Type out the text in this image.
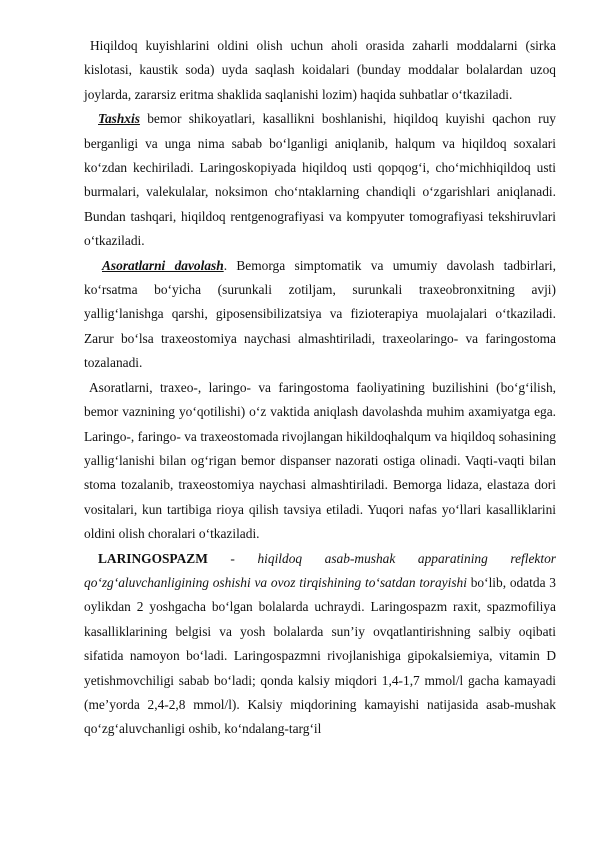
Hiqildoq kuyishlarini oldini olish uchun aholi orasida zaharli moddalarni (sirka kislotasi, kaustik soda) uyda saqlash koidalari (bunday moddalar bolalardan uzoq joylarda, zararsiz eritma shaklida saqlanishi lozim) haqida suhbatlar o‘tkaziladi.

Tashxis bemor shikoyatlari, kasallikni boshlanishi, hiqildoq kuyishi qachon ruy berganligi va unga nima sabab bo‘lganligi aniqlanib, halqum va hiqildoq soxalari ko‘zdan kechiriladi. Laringoskopiyada hiqildoq usti qopqog‘i, cho‘michhiqildoq usti burmalari, valekulalar, noksimon cho‘ntaklarning chandiqli o‘zgarishlari aniqlanadi. Bundan tashqari, hiqildoq rentgenografiyasi va kompyuter tomografiyasi tekshiruvlari o‘tkaziladi.

Asoratlarni davolash. Bemorga simptomatik va umumiy davolash tadbirlari, ko‘rsatma bo‘yicha (surunkali zotiljam, surunkali traxeobronxitning avji) yallig‘lanishga qarshi, giposensibilizatsiya va fizioterapiya muolajalari o‘tkaziladi. Zarur bo‘lsa traxeostomiya naychasi almashtiriladi, traxeolaringo- va faringostoma tozalanadi.

Asoratlarni, traxeo-, laringo- va faringostoma faoliyatining buzilishini (bo‘g‘ilish, bemor vaznining yo‘qotilishi) o‘z vaktida aniqlash davolashda muhim axamiyatga ega. Laringo-, faringo- va traxeostomada rivojlangan hikildoqhalqum va hiqildoq sohasining yallig‘lanishi bilan og‘rigan bemor dispanser nazorati ostiga olinadi. Vaqti-vaqti bilan stoma tozalanib, traxeostomiya naychasi almashtiriladi. Bemorga lidaza, elastaza dori vositalari, kun tartibiga rioya qilish tavsiya etiladi. Yuqori nafas yo‘llari kasalliklarini oldini olish choralari o‘tkaziladi.

LARINGOSPAZM - hiqildoq asab-mushak apparatining reflektor qo‘zg‘aluvchanligining oshishi va ovoz tirqishining to‘satdan torayishi bo‘lib, odatda 3 oylikdan 2 yoshgacha bo‘lgan bolalarda uchraydi. Laringospazm raxit, spazmofiliya kasalliklarining belgisi va yosh bolalarda sun’iy ovqatlantirishning salbiy oqibati sifatida namoyon bo‘ladi. Laringospazmni rivojlanishiga gipokalsiemiya, vitamin D yetishmovchiligi sabab bo‘ladi; qonda kalsiy miqdori 1,4-1,7 mmol/l gacha kamayadi (me’yorda 2,4-2,8 mmol/l). Kalsiy miqdorining kamayishi natijasida asab-mushak qo‘zg‘aluvchanligi oshib, ko‘ndalang-targ‘il
